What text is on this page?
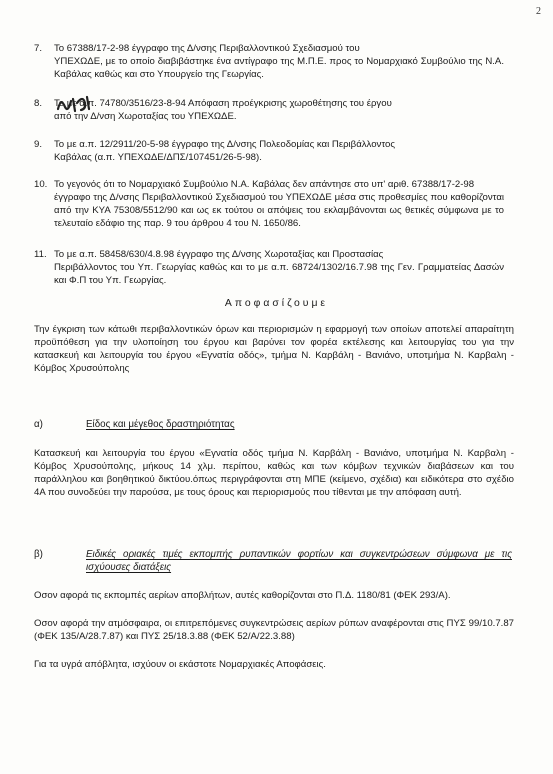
2
7. Το 67388/17-2-98 έγγραφο της Δ/νσης Περιβαλλοντικού Σχεδιασμού του
ΥΠΕΧΩΔΕ, με το οποίο διαβιβάστηκε ένα αντίγραφο της Μ.Π.Ε. προς το Νομαρχιακό Συμβούλιο της Ν.Α. Καβάλας καθώς και στο Υπουργείο της Γεωργίας.
8. Το με α.π. 74780/3516/23-8-94 Απόφαση προέγκρισης χωροθέτησης του έργου
από την Δ/νση Χωροταξίας του ΥΠΕΧΩΔΕ.
9. Το με α.π. 12/2911/20-5-98 έγγραφο της Δ/νσης Πολεοδομίας και Περιβάλλοντος
Καβάλας (α.π. ΥΠΕΧΩΔΕ/ΔΠΣ/107451/26-5-98).
10. Το γεγονός ότι το Νομαρχιακό Συμβούλιο Ν.Α. Καβάλας δεν απάντησε στο υπ' αριθ. 67388/17-2-98
έγγραφο της Δ/νσης Περιβαλλοντικού Σχεδιασμού του ΥΠΕΧΩΔΕ μέσα στις προθεσμίες που καθορίζονται από την ΚΥΑ 75308/5512/90 και ως εκ τούτου οι απόψεις του εκλαμβάνονται ως θετικές σύμφωνα με το τελευταίο εδάφιο της παρ. 9 του άρθρου 4 του Ν. 1650/86.
11. Το με α.π. 58458/630/4.8.98 έγγραφο της Δ/νσης Χωροταξίας και Προστασίας
Περιβάλλοντος του Υπ. Γεωργίας καθώς και το με α.π. 68724/1302/16.7.98 της Γεν. Γραμματείας Δασών και Φ.Π του Υπ. Γεωργίας.
Αποφασίζουμε
Την έγκριση των κάτωθι περιβαλλοντικών όρων και περιορισμών η εφαρμογή των οποίων αποτελεί απαραίτητη προϋπόθεση για την υλοποίηση του έργου και βαρύνει τον φορέα εκτέλεσης και λειτουργίας του για την κατασκευή και λειτουργία του έργου «Εγνατία οδός», τμήμα Ν. Καρβάλη - Βανιάνο, υποτμήμα Ν. Καρβαλη - Κόμβος Χρυσούπολης
α)	Είδος και μέγεθος δραστηριότητας
Κατασκευή και λειτουργία του έργου «Εγνατία οδός τμήμα Ν. Καρβάλη - Βανιάνο, υποτμήμα Ν. Καρβαλη - Κόμβος Χρυσούπολης, μήκους 14 χλμ. περίπου, καθώς και των κόμβων τεχνικών διαβάσεων και του παράλληλου και βοηθητικού δικτύου.όπως περιγράφονται στη ΜΠΕ (κείμενο, σχέδια) και ειδικότερα στο σχέδιο 4Α που συνοδεύει την παρούσα, με τους όρους και περιορισμούς που τίθενται με την απόφαση αυτή.
β)	Ειδικές οριακές τιμές εκπομπής ρυπαντικών φορτίων και συγκεντρώσεων σύμφωνα με τις ισχύουσες διατάξεις
Οσον αφορά τις εκπομπές αερίων αποβλήτων, αυτές καθορίζονται στο Π.Δ. 1180/81 (ΦΕΚ 293/Α).
Οσον αφορά την ατμόσφαιρα, οι επιτρεπόμενες συγκεντρώσεις αερίων ρύπων αναφέρονται στις ΠΥΣ 99/10.7.87 (ΦΕΚ 135/Α/28.7.87) και ΠΥΣ 25/18.3.88 (ΦΕΚ 52/Α/22.3.88)
Για τα υγρά απόβλητα, ισχύουν οι εκάστοτε Νομαρχιακές Αποφάσεις.
